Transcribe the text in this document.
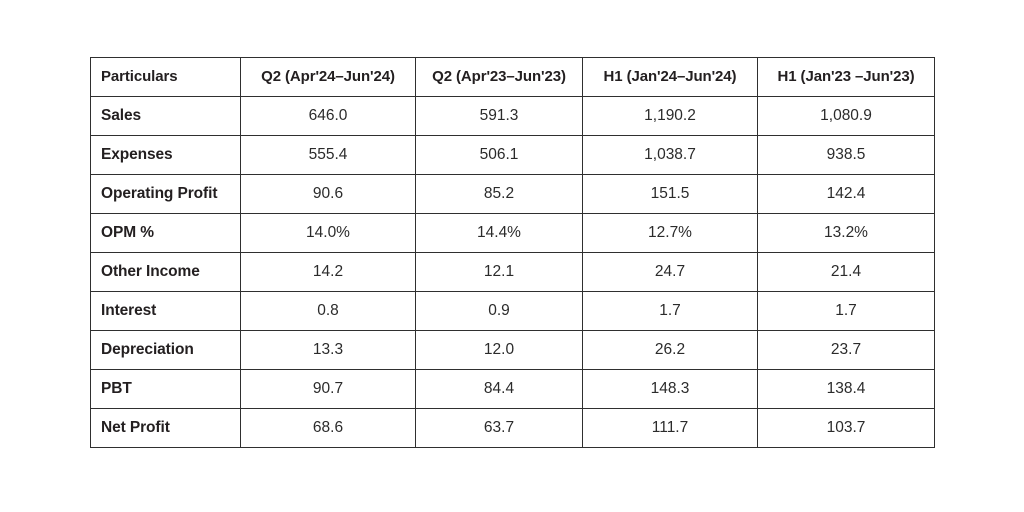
Particulars	Q2 (Apr'24–Jun'24)	Q2 (Apr'23–Jun'23)	H1 (Jan'24–Jun'24)	H1 (Jan'23 –Jun'23)
Sales	646.0	591.3	1,190.2	1,080.9
Expenses	555.4	506.1	1,038.7	938.5
Operating Profit	90.6	85.2	151.5	142.4
OPM %	14.0%	14.4%	12.7%	13.2%
Other Income	14.2	12.1	24.7	21.4
Interest	0.8	0.9	1.7	1.7
Depreciation	13.3	12.0	26.2	23.7
PBT	90.7	84.4	148.3	138.4
Net Profit	68.6	63.7	111.7	103.7
